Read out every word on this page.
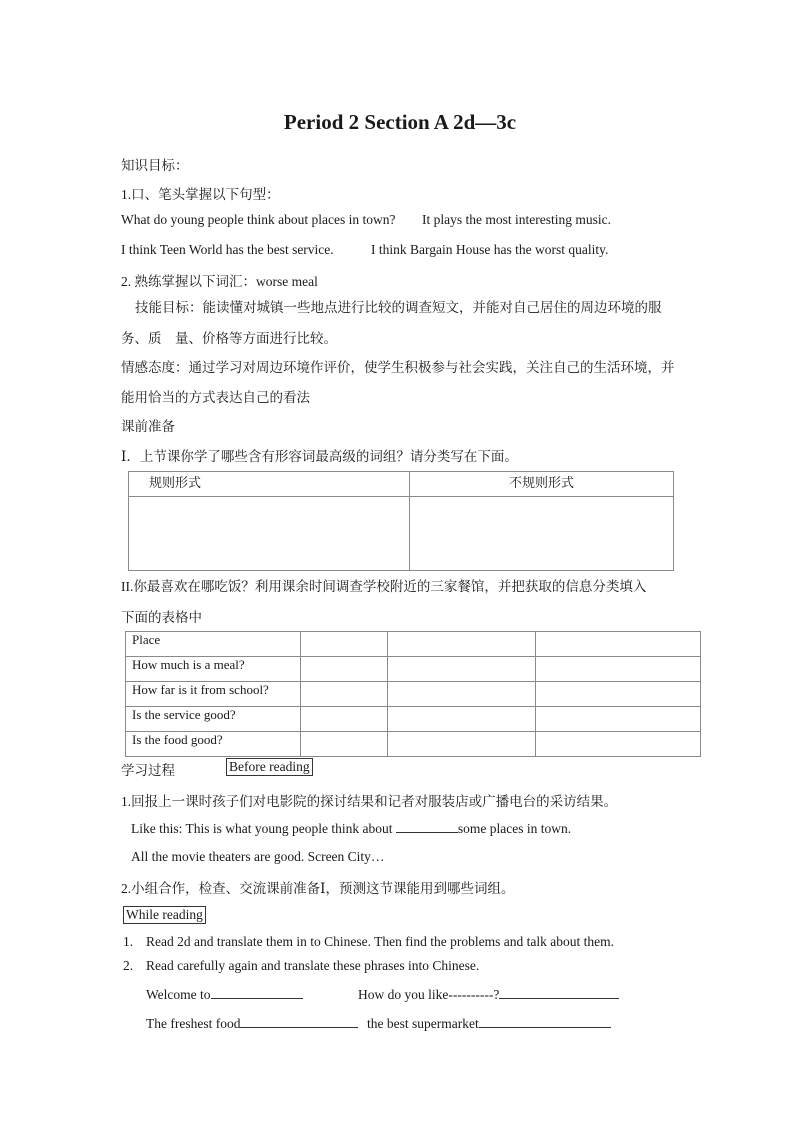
Period 2 Section A 2d—3c
知识目标：
1.口、笔头掌握以下句型：
What do young people think about places in town? It plays the most interesting music.
I think Teen World has the best service.	I think Bargain House has the worst quality.
2. 熟练掌握以下词汇：worse meal
技能目标：能读懂对城镇一些地点进行比较的调查短文，并能对自己居住的周边环境的服
务、质　量、价格等方面进行比较。
情感态度：通过学习对周边环境作评价，使学生积极参与社会实践，关注自己的生活环境，并
能用恰当的方式表达自己的看法
课前准备
Ⅰ．上节课你学了哪些含有形容词最高级的词组？请分类写在下面。
规则形式	不规则形式

II.你最喜欢在哪吃饭？利用课余时间调查学校附近的三家餐馆，并把获取的信息分类填入
下面的表格中
Place			
How much is a meal?			
How far is it from school?			
Is the service good?			
Is the food good?			
学习过程	Before reading
1.回报上一课时孩子们对电影院的探讨结果和记者对服装店或广播电台的采访结果。
Like this: This is what young people think about	some places in town.
All the movie theaters are good. Screen City…
2.小组合作，检查、交流课前准备Ⅰ，预测这节课能用到哪些词组。
While reading
1. Read 2d and translate them in to Chinese. Then find the problems and talk about them.
2. Read carefully again and translate these phrases into Chinese.
Welcome to	How do you like----------?
The freshest food	the best supermarket
